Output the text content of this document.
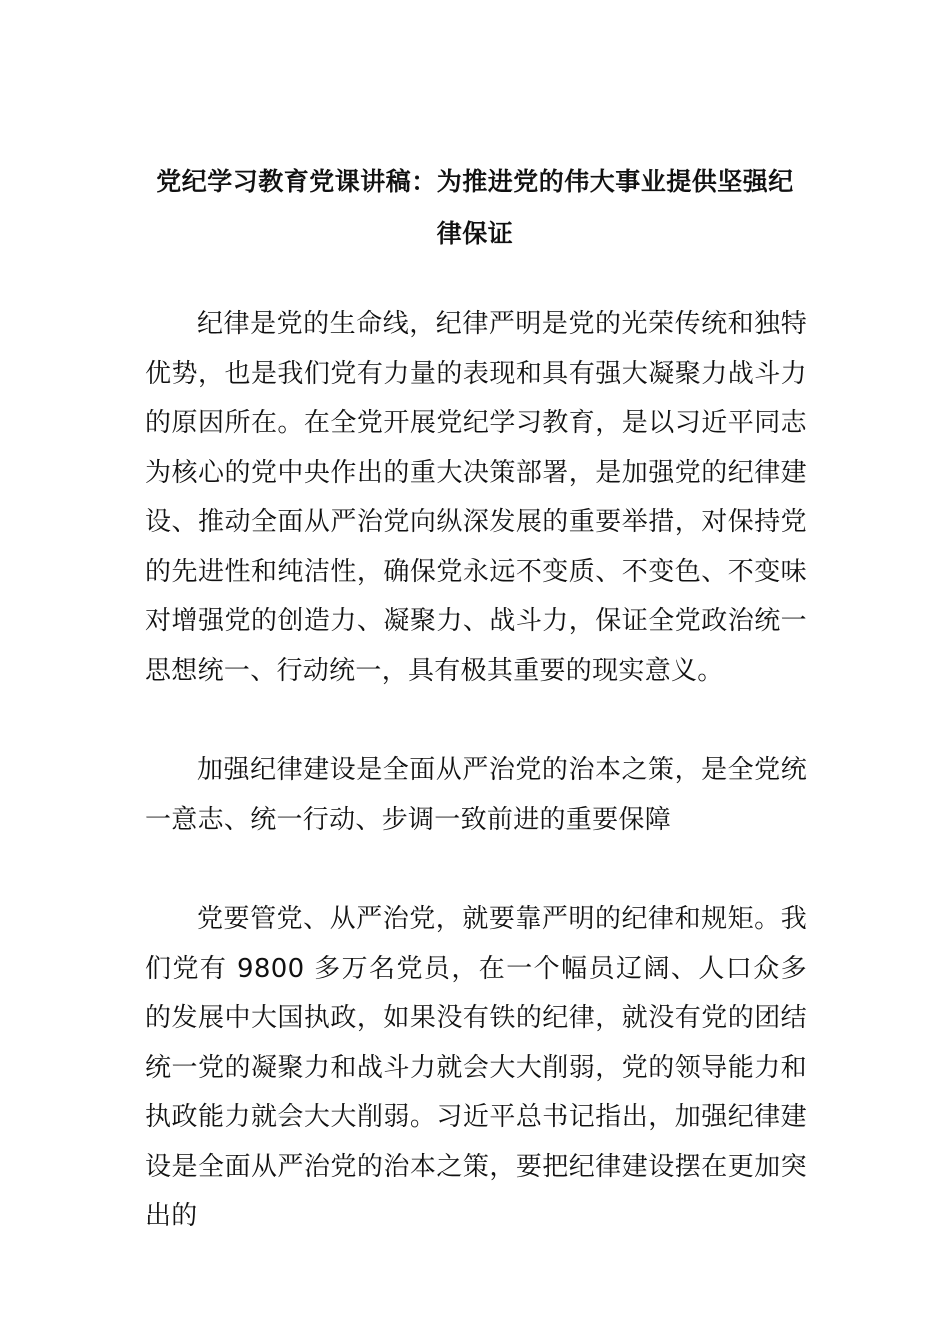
党纪学习教育党课讲稿：为推进党的伟大事业提供坚强纪律保证
纪律是党的生命线，纪律严明是党的光荣传统和独特优势，也是我们党有力量的表现和具有强大凝聚力战斗力的原因所在。在全党开展党纪学习教育，是以习近平同志为核心的党中央作出的重大决策部署，是加强党的纪律建设、推动全面从严治党向纵深发展的重要举措，对保持党的先进性和纯洁性，确保党永远不变质、不变色、不变味对增强党的创造力、凝聚力、战斗力，保证全党政治统一思想统一、行动统一，具有极其重要的现实意义。
加强纪律建设是全面从严治党的治本之策，是全党统一意志、统一行动、步调一致前进的重要保障
党要管党、从严治党，就要靠严明的纪律和规矩。我们党有 9800 多万名党员，在一个幅员辽阔、人口众多的发展中大国执政，如果没有铁的纪律，就没有党的团结统一党的凝聚力和战斗力就会大大削弱，党的领导能力和执政能力就会大大削弱。习近平总书记指出，加强纪律建设是全面从严治党的治本之策，要把纪律建设摆在更加突出的
